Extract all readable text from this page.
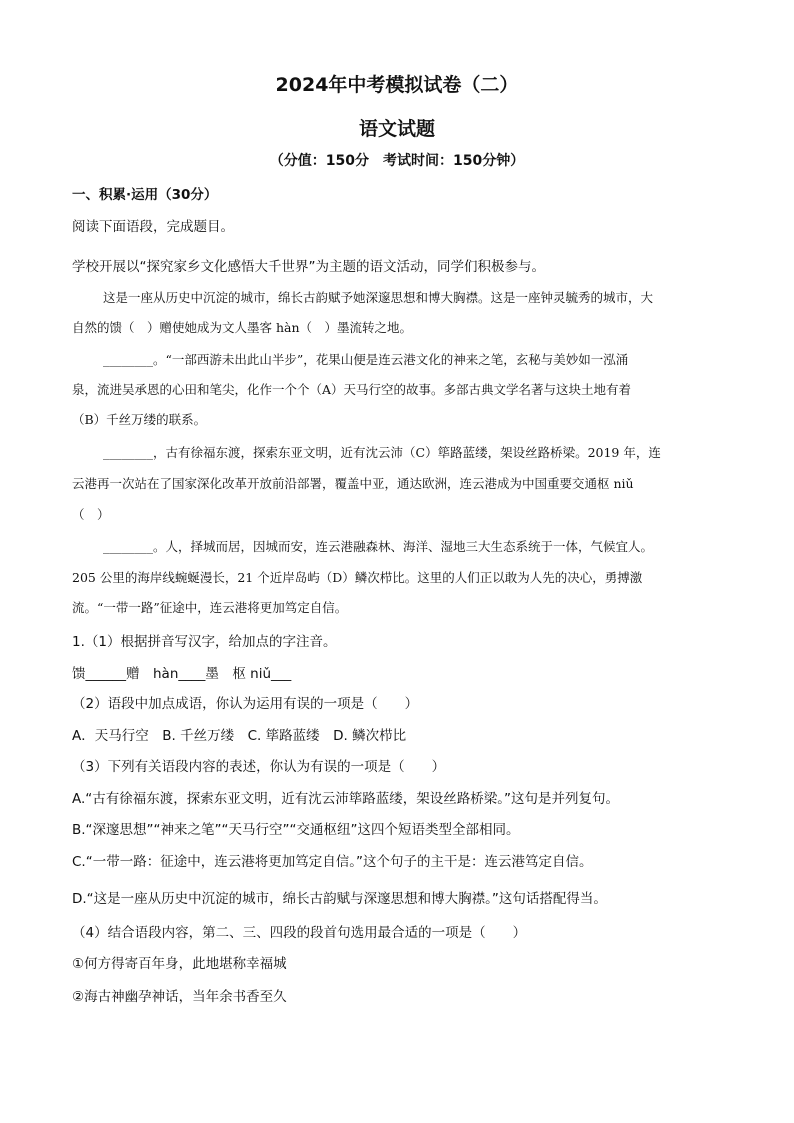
2024年中考模拟试卷（二）
语文试题
（分值：150分　考试时间：150分钟）
一、积累·运用（30分）
阅读下面语段，完成题目。
学校开展以“探究家乡文化感悟大千世界”为主题的语文活动，同学们积极参与。
这是一座从历史中沉淀的城市，绵长古韵赋予她深邃思想和博大胸襟。这是一座钟灵毓秀的城市，大
自然的馈（　）赠使她成为文人墨客 hàn（　）墨流转之地。
________。“一部西游未出此山半步”，花果山便是连云港文化的神来之笔，玄秘与美妙如一泓涌
泉，流进吴承恩的心田和笔尖，化作一个个（A）天马行空的故事。多部古典文学名著与这块土地有着
（B）千丝万缕的联系。
________，古有徐福东渡，探索东亚文明，近有沈云沛（C）筚路蓝缕，架设丝路桥梁。2019 年，连
云港再一次站在了国家深化改革开放前沿部署，覆盖中亚，通达欧洲，连云港成为中国重要交通枢 niǔ
（　）
________。人，择城而居，因城而安，连云港融森林、海洋、湿地三大生态系统于一体，气候宜人。
205 公里的海岸线蜿蜒漫长，21 个近岸岛屿（D）鳞次栉比。这里的人们正以敢为人先的决心，勇搏激
流。“一带一路”征途中，连云港将更加笃定自信。
1.（1）根据拼音写汉字，给加点的字注音。
馈______赠　hàn____墨　枢 niǔ___
（2）语段中加点成语，你认为运用有误的一项是（　　）
A．天马行空　B. 千丝万缕　C. 筚路蓝缕　D. 鳞次栉比
（3）下列有关语段内容的表述，你认为有误的一项是（　　）
A.“古有徐福东渡，探索东亚文明，近有沈云沛筚路蓝缕，架设丝路桥梁。”这句是并列复句。
B.“深邃思想”“神来之笔”“天马行空”“交通枢纽”这四个短语类型全部相同。
C.“一带一路：征途中，连云港将更加笃定自信。”这个句子的主干是：连云港笃定自信。
D.“这是一座从历史中沉淀的城市，绵长古韵赋与深邃思想和博大胸襟。”这句话搭配得当。
（4）结合语段内容，第二、三、四段的段首句选用最合适的一项是（　　）
①何方得寄百年身，此地堪称幸福城
②海古神幽孕神话，当年余书香至久
